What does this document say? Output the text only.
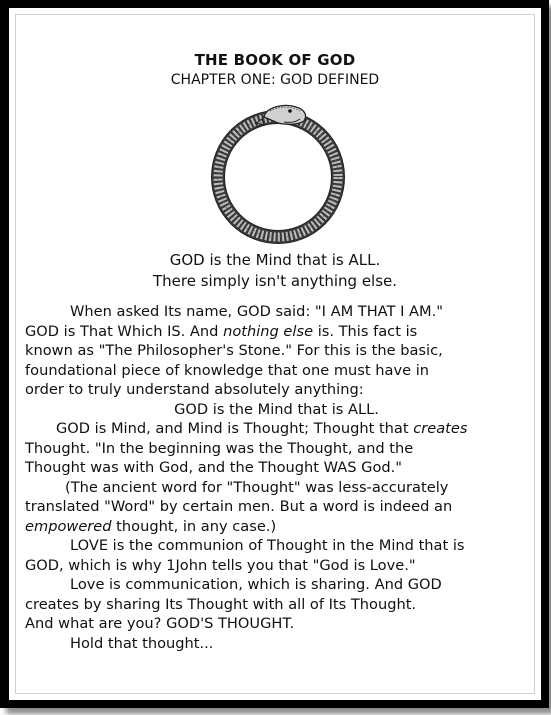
THE BOOK OF GOD
CHAPTER ONE: GOD DEFINED
GOD is the Mind that is ALL.
There simply isn't anything else.
When asked Its name, GOD said: "I AM THAT I AM."
GOD is That Which IS. And nothing else is. This fact is
known as "The Philosopher's Stone." For this is the basic,
foundational piece of knowledge that one must have in
order to truly understand absolutely anything:
GOD is the Mind that is ALL.
GOD is Mind, and Mind is Thought; Thought that creates
Thought. "In the beginning was the Thought, and the
Thought was with God, and the Thought WAS God."
(The ancient word for "Thought" was less-accurately
translated "Word" by certain men. But a word is indeed an
empowered thought, in any case.)
LOVE is the communion of Thought in the Mind that is
GOD, which is why 1John tells you that "God is Love."
Love is communication, which is sharing. And GOD
creates by sharing Its Thought with all of Its Thought.
And what are you? GOD'S THOUGHT.
Hold that thought...
